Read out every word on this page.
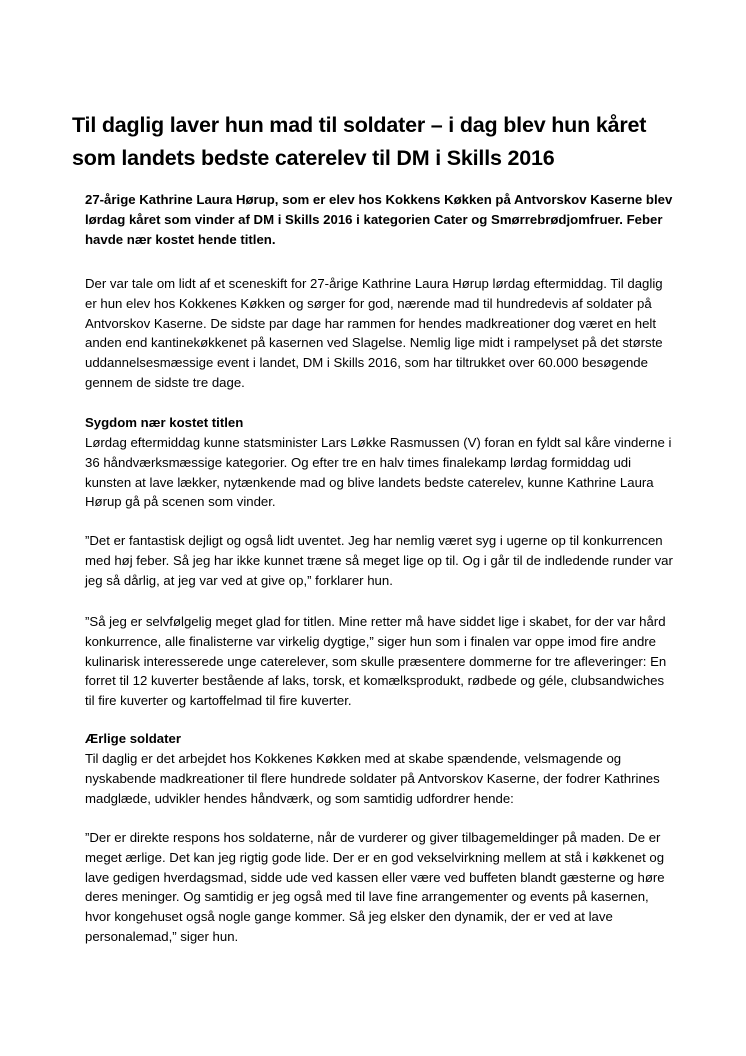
Til daglig laver hun mad til soldater – i dag blev hun kåret som landets bedste caterelev til DM i Skills 2016

27-årige Kathrine Laura Hørup, som er elev hos Kokkens Køkken på Antvorskov Kaserne blev lørdag kåret som vinder af DM i Skills 2016 i kategorien Cater og Smørrebrødjomfruer. Feber havde nær kostet hende titlen.

Der var tale om lidt af et sceneskift for 27-årige Kathrine Laura Hørup lørdag eftermiddag. Til daglig er hun elev hos Kokkenes Køkken og sørger for god, nærende mad til hundredevis af soldater på Antvorskov Kaserne. De sidste par dage har rammen for hendes madkreationer dog været en helt anden end kantinekøkkenet på kasernen ved Slagelse. Nemlig lige midt i rampelyset på det største uddannelsesmæssige event i landet, DM i Skills 2016, som har tiltrukket over 60.000 besøgende gennem de sidste tre dage.

Sygdom nær kostet titlen

Lørdag eftermiddag kunne statsminister Lars Løkke Rasmussen (V) foran en fyldt sal kåre vinderne i 36 håndværksmæssige kategorier. Og efter tre en halv times finalekamp lørdag formiddag udi kunsten at lave lækker, nytænkende mad og blive landets bedste caterelev, kunne Kathrine Laura Hørup gå på scenen som vinder.

”Det er fantastisk dejligt og også lidt uventet. Jeg har nemlig været syg i ugerne op til konkurrencen med høj feber. Så jeg har ikke kunnet træne så meget lige op til. Og i går til de indledende runder var jeg så dårlig, at jeg var ved at give op,” forklarer hun.

”Så jeg er selvfølgelig meget glad for titlen. Mine retter må have siddet lige i skabet, for der var hård konkurrence, alle finalisterne var virkelig dygtige,” siger hun som i finalen var oppe imod fire andre kulinarisk interesserede unge caterelever, som skulle præsentere dommerne for tre afleveringer: En forret til 12 kuverter bestående af laks, torsk, et komælksprodukt, rødbede og géle, clubsandwiches til fire kuverter og kartoffelmad til fire kuverter.

Ærlige soldater

Til daglig er det arbejdet hos Kokkenes Køkken med at skabe spændende, velsmagende og nyskabende madkreationer til flere hundrede soldater på Antvorskov Kaserne, der fodrer Kathrines madglæde, udvikler hendes håndværk, og som samtidig udfordrer hende:

”Der er direkte respons hos soldaterne, når de vurderer og giver tilbagemeldinger på maden. De er meget ærlige. Det kan jeg rigtig gode lide. Der er en god vekselvirkning mellem at stå i køkkenet og lave gedigen hverdagsmad, sidde ude ved kassen eller være ved buffeten blandt gæsterne og høre deres meninger. Og samtidig er jeg også med til lave fine arrangementer og events på kasernen, hvor kongehuset også nogle gange kommer. Så jeg elsker den dynamik, der er ved at lave personalemad,” siger hun.
